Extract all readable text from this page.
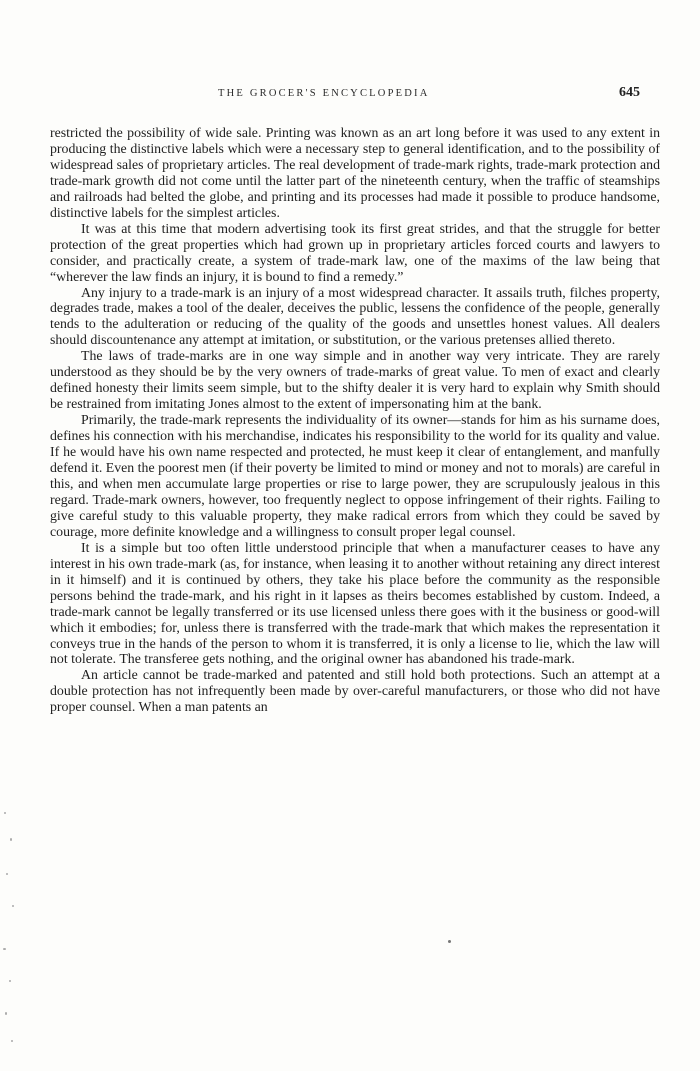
THE GROCER'S ENCYCLOPEDIA	645

restricted the possibility of wide sale. Printing was known as an art long before it was used to any extent in producing the distinctive labels which were a necessary step to general identification, and to the possibility of widespread sales of proprietary articles. The real development of trade-mark rights, trade-mark protection and trade-mark growth did not come until the latter part of the nineteenth century, when the traffic of steamships and railroads had belted the globe, and printing and its processes had made it possible to produce handsome, distinctive labels for the simplest articles.

It was at this time that modern advertising took its first great strides, and that the struggle for better protection of the great properties which had grown up in proprietary articles forced courts and lawyers to consider, and practically create, a system of trade-mark law, one of the maxims of the law being that “wherever the law finds an injury, it is bound to find a remedy.”

Any injury to a trade-mark is an injury of a most widespread character. It assails truth, filches property, degrades trade, makes a tool of the dealer, deceives the public, lessens the confidence of the people, generally tends to the adulteration or reducing of the quality of the goods and unsettles honest values. All dealers should discountenance any attempt at imitation, or substitution, or the various pretenses allied thereto.

The laws of trade-marks are in one way simple and in another way very intricate. They are rarely understood as they should be by the very owners of trade-marks of great value. To men of exact and clearly defined honesty their limits seem simple, but to the shifty dealer it is very hard to explain why Smith should be restrained from imitating Jones almost to the extent of impersonating him at the bank.

Primarily, the trade-mark represents the individuality of its owner—stands for him as his surname does, defines his connection with his merchandise, indicates his responsibility to the world for its quality and value. If he would have his own name respected and protected, he must keep it clear of entanglement, and manfully defend it. Even the poorest men (if their poverty be limited to mind or money and not to morals) are careful in this, and when men accumulate large properties or rise to large power, they are scrupulously jealous in this regard. Trade-mark owners, however, too frequently neglect to oppose infringement of their rights. Failing to give careful study to this valuable property, they make radical errors from which they could be saved by courage, more definite knowledge and a willingness to consult proper legal counsel.

It is a simple but too often little understood principle that when a manufacturer ceases to have any interest in his own trade-mark (as, for instance, when leasing it to another without retaining any direct interest in it himself) and it is continued by others, they take his place before the community as the responsible persons behind the trade-mark, and his right in it lapses as theirs becomes established by custom. Indeed, a trade-mark cannot be legally transferred or its use licensed unless there goes with it the business or good-will which it embodies; for, unless there is transferred with the trade-mark that which makes the representation it conveys true in the hands of the person to whom it is transferred, it is only a license to lie, which the law will not tolerate. The transferee gets nothing, and the original owner has abandoned his trade-mark.

An article cannot be trade-marked and patented and still hold both protections. Such an attempt at a double protection has not infrequently been made by over-careful manufacturers, or those who did not have proper counsel. When a man patents an
